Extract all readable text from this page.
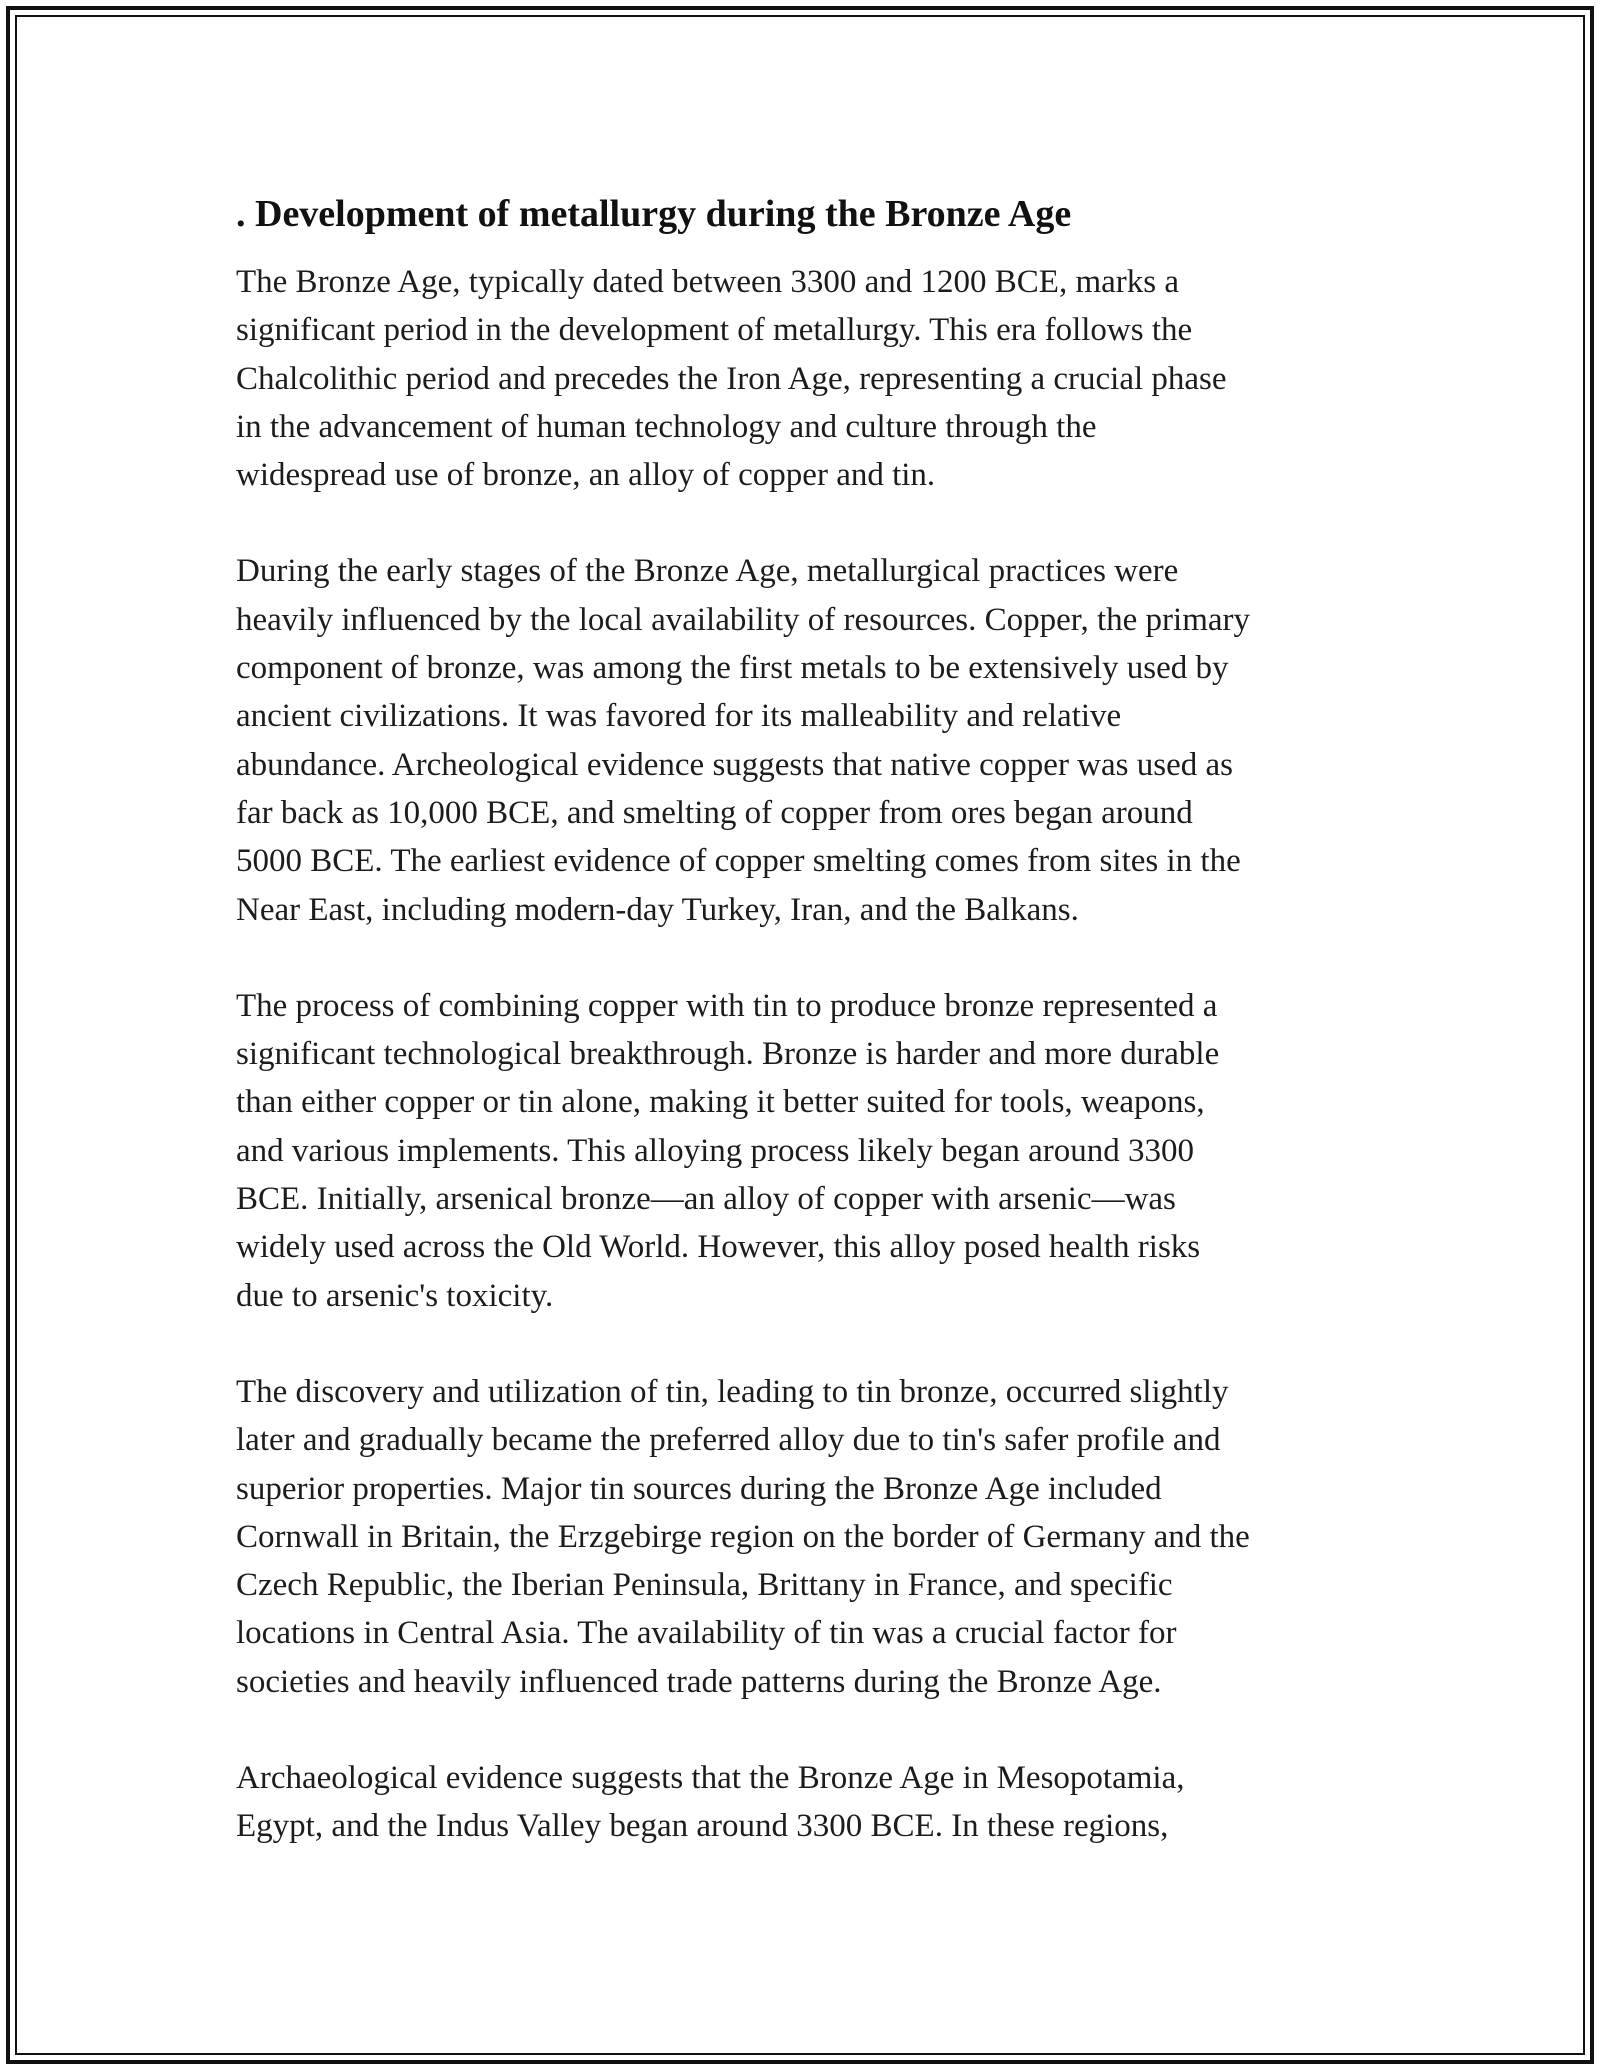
. Development of metallurgy during the Bronze Age
The Bronze Age, typically dated between 3300 and 1200 BCE, marks a
significant period in the development of metallurgy. This era follows the
Chalcolithic period and precedes the Iron Age, representing a crucial phase
in the advancement of human technology and culture through the
widespread use of bronze, an alloy of copper and tin.
During the early stages of the Bronze Age, metallurgical practices were
heavily influenced by the local availability of resources. Copper, the primary
component of bronze, was among the first metals to be extensively used by
ancient civilizations. It was favored for its malleability and relative
abundance. Archeological evidence suggests that native copper was used as
far back as 10,000 BCE, and smelting of copper from ores began around
5000 BCE. The earliest evidence of copper smelting comes from sites in the
Near East, including modern-day Turkey, Iran, and the Balkans.
The process of combining copper with tin to produce bronze represented a
significant technological breakthrough. Bronze is harder and more durable
than either copper or tin alone, making it better suited for tools, weapons,
and various implements. This alloying process likely began around 3300
BCE. Initially, arsenical bronze—an alloy of copper with arsenic—was
widely used across the Old World. However, this alloy posed health risks
due to arsenic's toxicity.
The discovery and utilization of tin, leading to tin bronze, occurred slightly
later and gradually became the preferred alloy due to tin's safer profile and
superior properties. Major tin sources during the Bronze Age included
Cornwall in Britain, the Erzgebirge region on the border of Germany and the
Czech Republic, the Iberian Peninsula, Brittany in France, and specific
locations in Central Asia. The availability of tin was a crucial factor for
societies and heavily influenced trade patterns during the Bronze Age.
Archaeological evidence suggests that the Bronze Age in Mesopotamia,
Egypt, and the Indus Valley began around 3300 BCE. In these regions,
